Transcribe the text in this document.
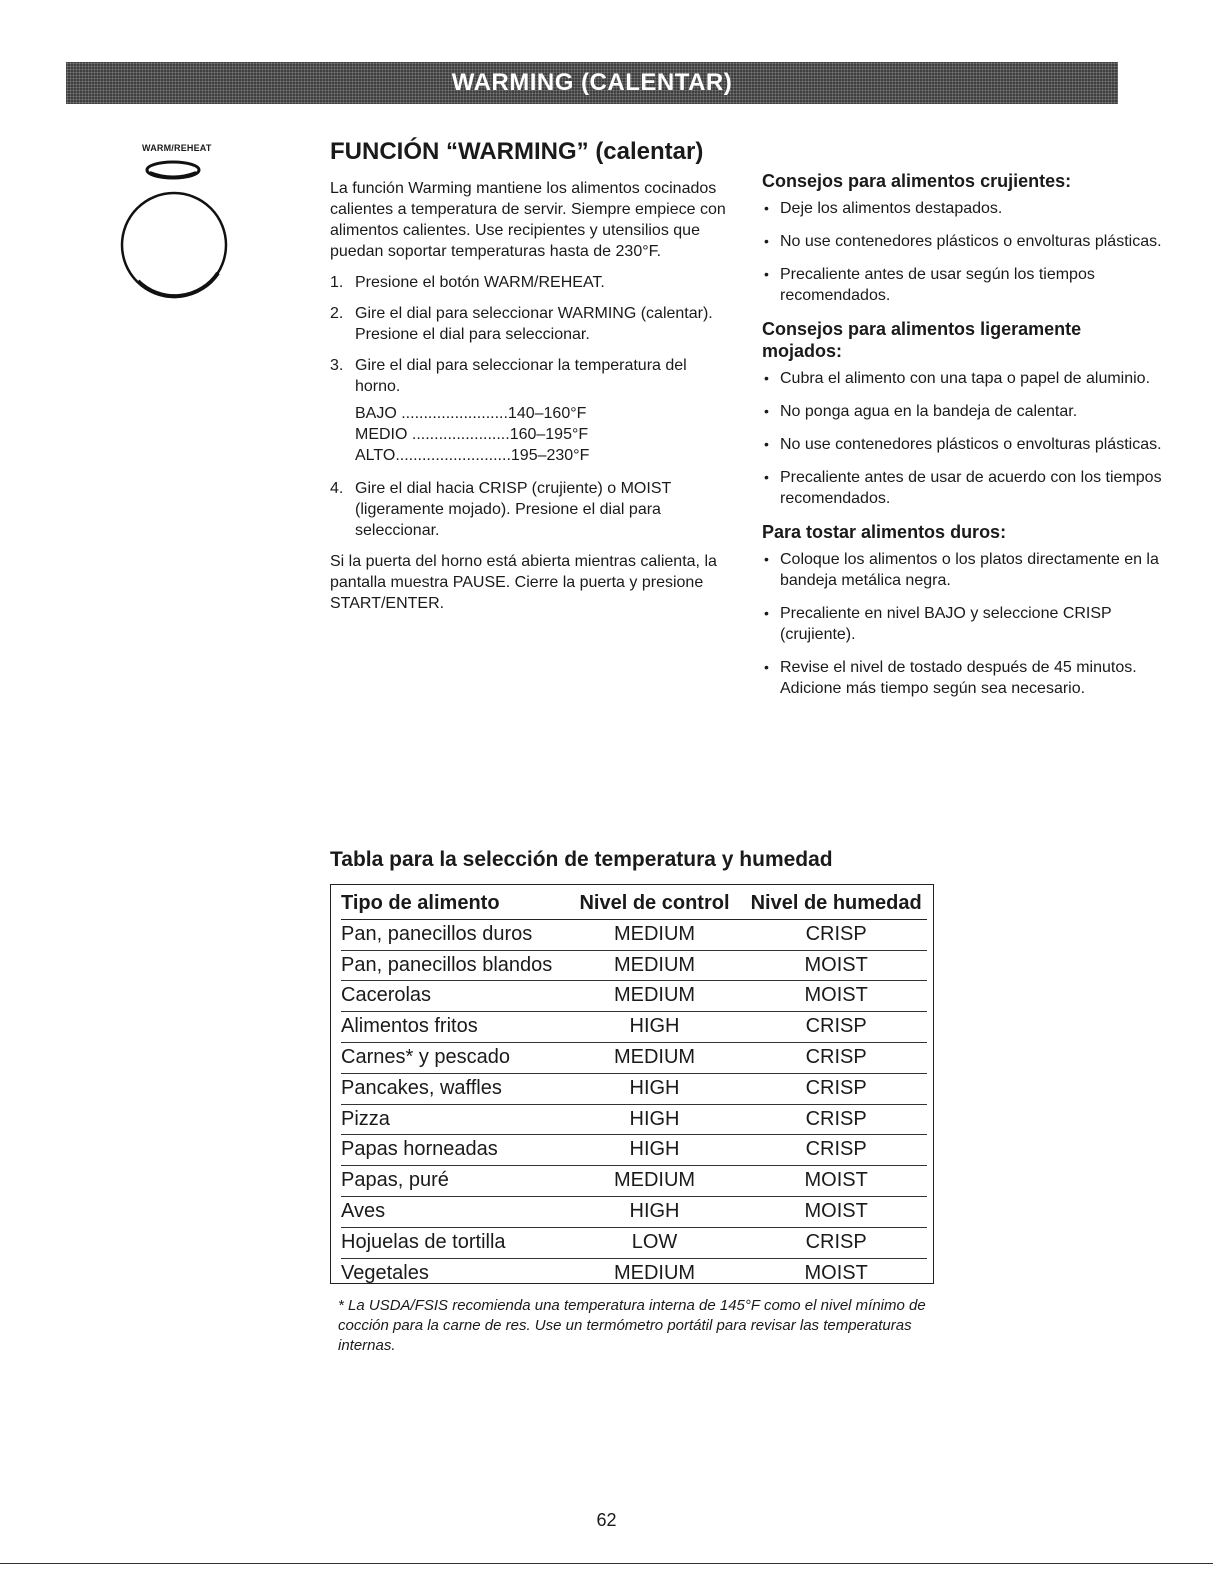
WARMING (CALENTAR)
WARM/REHEAT	FUNCIÓN “WARMING” (calentar)

La función Warming mantiene los alimentos cocinados calientes a temperatura de servir. Siempre empiece con alimentos calientes. Use recipientes y utensilios que puedan soportar temperaturas hasta de 230°F.

1. Presione el botón WARM/REHEAT.
2. Gire el dial para seleccionar WARMING (calentar). Presione el dial para seleccionar.
3. Gire el dial para seleccionar la temperatura del horno.
BAJO ........................ 140–160°F
MEDIO ...................... 160–195°F
ALTO.......................... 195–230°F
4. Gire el dial hacia CRISP (crujiente) o MOIST (ligeramente mojado). Presione el dial para seleccionar.

Si la puerta del horno está abierta mientras calienta, la pantalla muestra PAUSE. Cierre la puerta y presione START/ENTER.

Consejos para alimentos crujientes:
• Deje los alimentos destapados.
• No use contenedores plásticos o envolturas plásticas.
• Precaliente antes de usar según los tiempos recomendados.
Consejos para alimentos ligeramente mojados:
• Cubra el alimento con una tapa o papel de aluminio.
• No ponga agua en la bandeja de calentar.
• No use contenedores plásticos o envolturas plásticas.
• Precaliente antes de usar de acuerdo con los tiempos recomendados.
Para tostar alimentos duros:
• Coloque los alimentos o los platos directamente en la bandeja metálica negra.
• Precaliente en nivel BAJO y seleccione CRISP (crujiente).
• Revise el nivel de tostado después de 45 minutos. Adicione más tiempo según sea necesario.
Tabla para la selección de temperatura y humedad
Tipo de alimento	Nivel de control	Nivel de humedad
Pan, panecillos duros	MEDIUM	CRISP
Pan, panecillos blandos	MEDIUM	MOIST
Cacerolas	MEDIUM	MOIST
Alimentos fritos	HIGH	CRISP
Carnes* y pescado	MEDIUM	CRISP
Pancakes, waffles	HIGH	CRISP
Pizza	HIGH	CRISP
Papas horneadas	HIGH	CRISP
Papas, puré	MEDIUM	MOIST
Aves	HIGH	MOIST
Hojuelas de tortilla	LOW	CRISP
Vegetales	MEDIUM	MOIST

* La USDA/FSIS recomienda una temperatura interna de 145°F como el nivel mínimo de cocción para la carne de res. Use un termómetro portátil para revisar las temperaturas internas.

62
